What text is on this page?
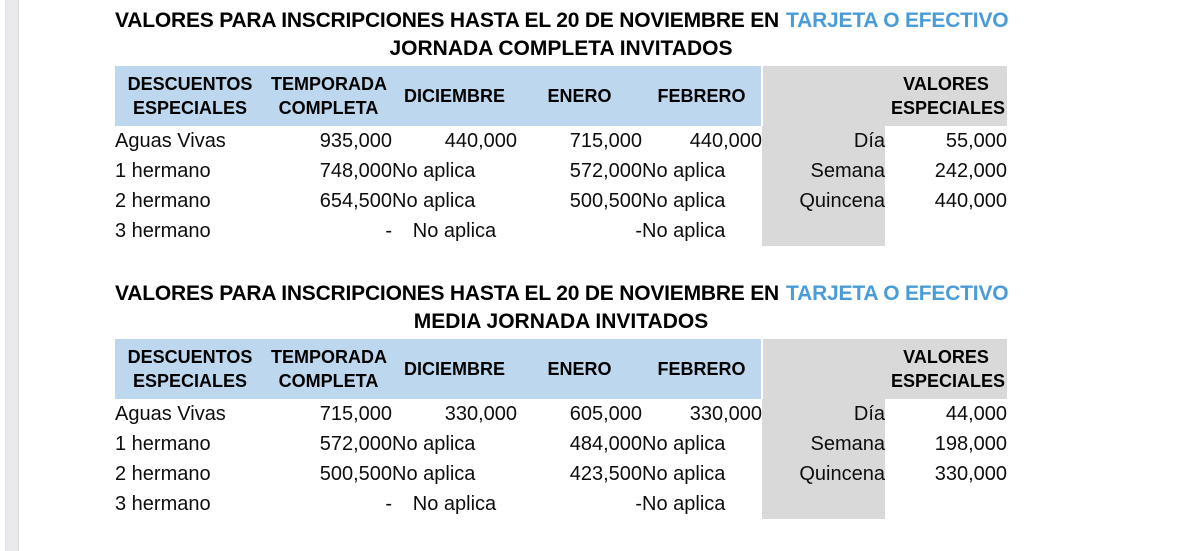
VALORES PARA INSCRIPCIONES HASTA EL 20 DE NOVIEMBRE EN TARJETA O EFECTIVO
JORNADA COMPLETA INVITADOS
DESCUENTOS ESPECIALES	TEMPORADA COMPLETA	DICIEMBRE	ENERO	FEBRERO		VALORES ESPECIALES
Aguas Vivas	935,000	440,000	715,000	440,000	Día	55,000
1 hermano	748,000	No aplica	572,000	No aplica	Semana	242,000
2 hermano	654,500	No aplica	500,500	No aplica	Quincena	440,000
3 hermano	-	No aplica	-	No aplica		
VALORES PARA INSCRIPCIONES HASTA EL 20 DE NOVIEMBRE EN TARJETA O EFECTIVO
MEDIA JORNADA INVITADOS
DESCUENTOS ESPECIALES	TEMPORADA COMPLETA	DICIEMBRE	ENERO	FEBRERO		VALORES ESPECIALES
Aguas Vivas	715,000	330,000	605,000	330,000	Día	44,000
1 hermano	572,000	No aplica	484,000	No aplica	Semana	198,000
2 hermano	500,500	No aplica	423,500	No aplica	Quincena	330,000
3 hermano	-	No aplica	-	No aplica		
